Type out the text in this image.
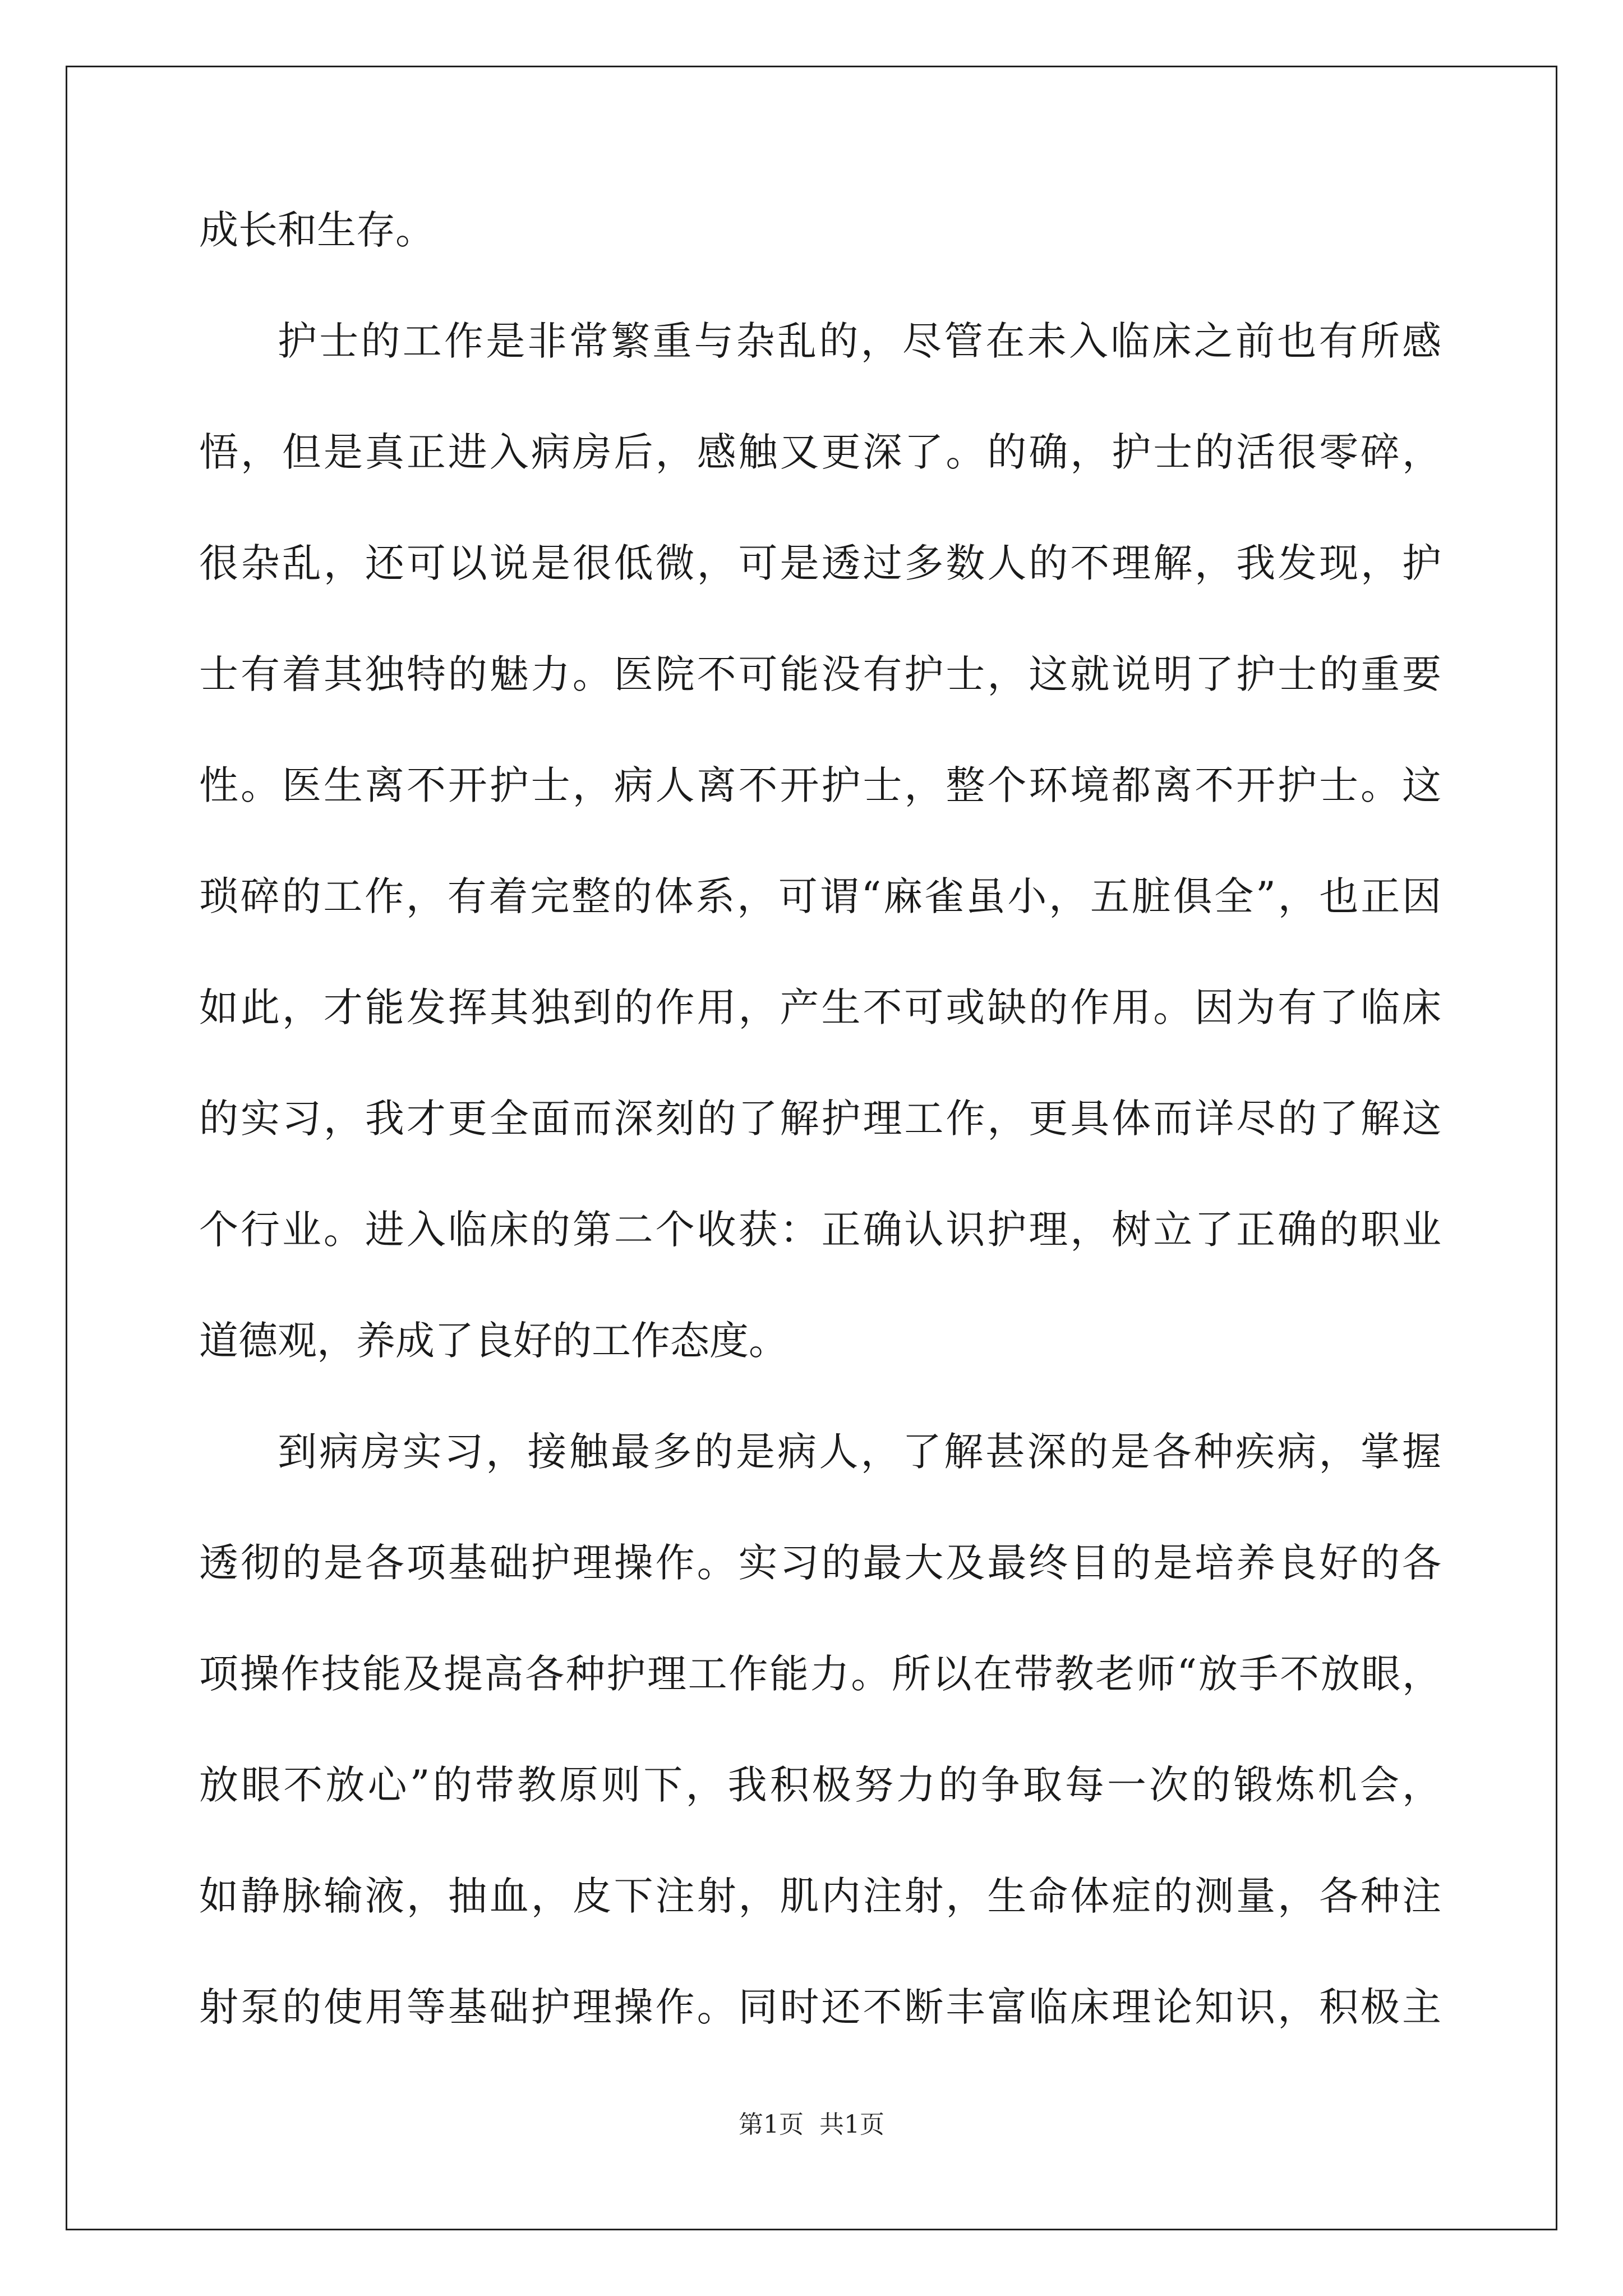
成长和生存。
护士的工作是非常繁重与杂乱的，尽管在未入临床之前也有所感
悟，但是真正进入病房后，感触又更深了。的确，护士的活很零碎，
很杂乱，还可以说是很低微，可是透过多数人的不理解，我发现，护
士有着其独特的魅力。医院不可能没有护士，这就说明了护士的重要
性。医生离不开护士，病人离不开护士，整个环境都离不开护士。这
琐碎的工作，有着完整的体系，可谓“麻雀虽小，五脏俱全”，也正因
如此，才能发挥其独到的作用，产生不可或缺的作用。因为有了临床
的实习，我才更全面而深刻的了解护理工作，更具体而详尽的了解这
个行业。进入临床的第二个收获：正确认识护理，树立了正确的职业
道德观，养成了良好的工作态度。
到病房实习，接触最多的是病人，了解甚深的是各种疾病，掌握
透彻的是各项基础护理操作。实习的最大及最终目的是培养良好的各
项操作技能及提高各种护理工作能力。所以在带教老师“放手不放眼，
放眼不放心”的带教原则下，我积极努力的争取每一次的锻炼机会，
如静脉输液，抽血，皮下注射，肌内注射，生命体症的测量，各种注
射泵的使用等基础护理操作。同时还不断丰富临床理论知识，积极主
第1页 共1页
